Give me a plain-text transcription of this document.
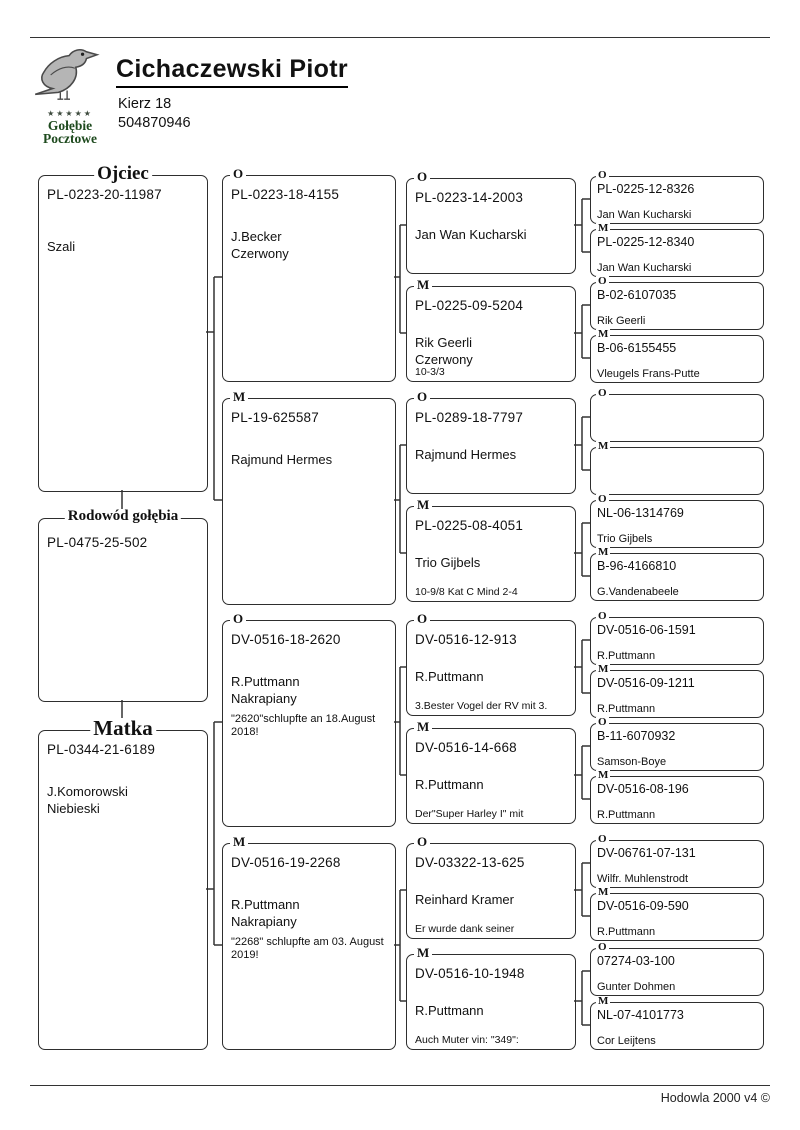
★★★★★
Gołębie
Pocztowe
Cichaczewski Piotr
Kierz 18
504870946
Ojciec
PL-0223-20-11987
Szali
Rodowód gołębia
PL-0475-25-502
Matka
PL-0344-21-6189
J.Komorowski
Niebieski
O
PL-0223-18-4155
J.Becker
Czerwony
M
PL-19-625587
Rajmund Hermes
O
DV-0516-18-2620
R.Puttmann
Nakrapiany
"2620"schlupfte an 18.August 2018!
M
DV-0516-19-2268
R.Puttmann
Nakrapiany
"2268" schlupfte am 03. August 2019!
O
PL-0223-14-2003
Jan Wan Kucharski
M
PL-0225-09-5204
Rik Geerli
Czerwony
10-3/3
O
PL-0289-18-7797
Rajmund Hermes
M
PL-0225-08-4051
Trio Gijbels
10-9/8 Kat C Mind 2-4
O
DV-0516-12-913
R.Puttmann
3.Bester Vogel der RV mit 3.
M
DV-0516-14-668
R.Puttmann
Der"Super Harley I" mit
O
DV-03322-13-625
Reinhard Kramer
Er wurde dank seiner
M
DV-0516-10-1948
R.Puttmann
Auch Muter vin: "349":
O
PL-0225-12-8326
Jan Wan Kucharski
M
PL-0225-12-8340
Jan Wan Kucharski
O
B-02-6107035
Rik Geerli
M
B-06-6155455
Vleugels Frans-Putte
O
M
O
NL-06-1314769
Trio Gijbels
M
B-96-4166810
G.Vandenabeele
O
DV-0516-06-1591
R.Puttmann
M
DV-0516-09-1211
R.Puttmann
O
B-11-6070932
Samson-Boye
M
DV-0516-08-196
R.Puttmann
O
DV-06761-07-131
Wilfr. Muhlenstrodt
M
DV-0516-09-590
R.Puttmann
O
07274-03-100
Gunter Dohmen
M
NL-07-4101773
Cor Leijtens
Hodowla 2000 v4 ©
